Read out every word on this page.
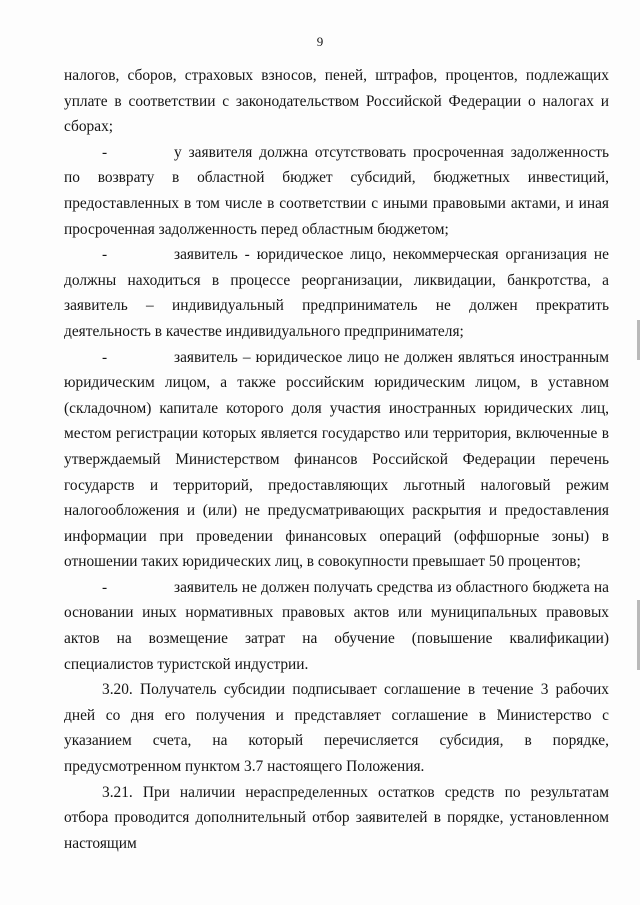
9

налогов, сборов, страховых взносов, пеней, штрафов, процентов, подлежащих уплате в соответствии с законодательством Российской Федерации о налогах и сборах;

-	у заявителя должна отсутствовать просроченная задолженность по возврату в областной бюджет субсидий, бюджетных инвестиций, предоставленных в том числе в соответствии с иными правовыми актами, и иная просроченная задолженность перед областным бюджетом;

-	заявитель - юридическое лицо, некоммерческая организация не должны находиться в процессе реорганизации, ликвидации, банкротства, а заявитель – индивидуальный предприниматель не должен прекратить деятельность в качестве индивидуального предпринимателя;

-	заявитель – юридическое лицо не должен являться иностранным юридическим лицом, а также российским юридическим лицом, в уставном (складочном) капитале которого доля участия иностранных юридических лиц, местом регистрации которых является государство или территория, включенные в утверждаемый Министерством финансов Российской Федерации перечень государств и территорий, предоставляющих льготный налоговый режим налогообложения и (или) не предусматривающих раскрытия и предоставления информации при проведении финансовых операций (оффшорные зоны) в отношении таких юридических лиц, в совокупности превышает 50 процентов;

-	заявитель не должен получать средства из областного бюджета на основании иных нормативных правовых актов или муниципальных правовых актов на возмещение затрат на обучение (повышение квалификации) специалистов туристской индустрии.

3.20. Получатель субсидии подписывает соглашение в течение 3 рабочих дней со дня его получения и представляет соглашение в Министерство с указанием счета, на который перечисляется субсидия, в порядке, предусмотренном пунктом 3.7 настоящего Положения.

3.21. При наличии нераспределенных остатков средств по результатам отбора проводится дополнительный отбор заявителей в порядке, установленном настоящим
